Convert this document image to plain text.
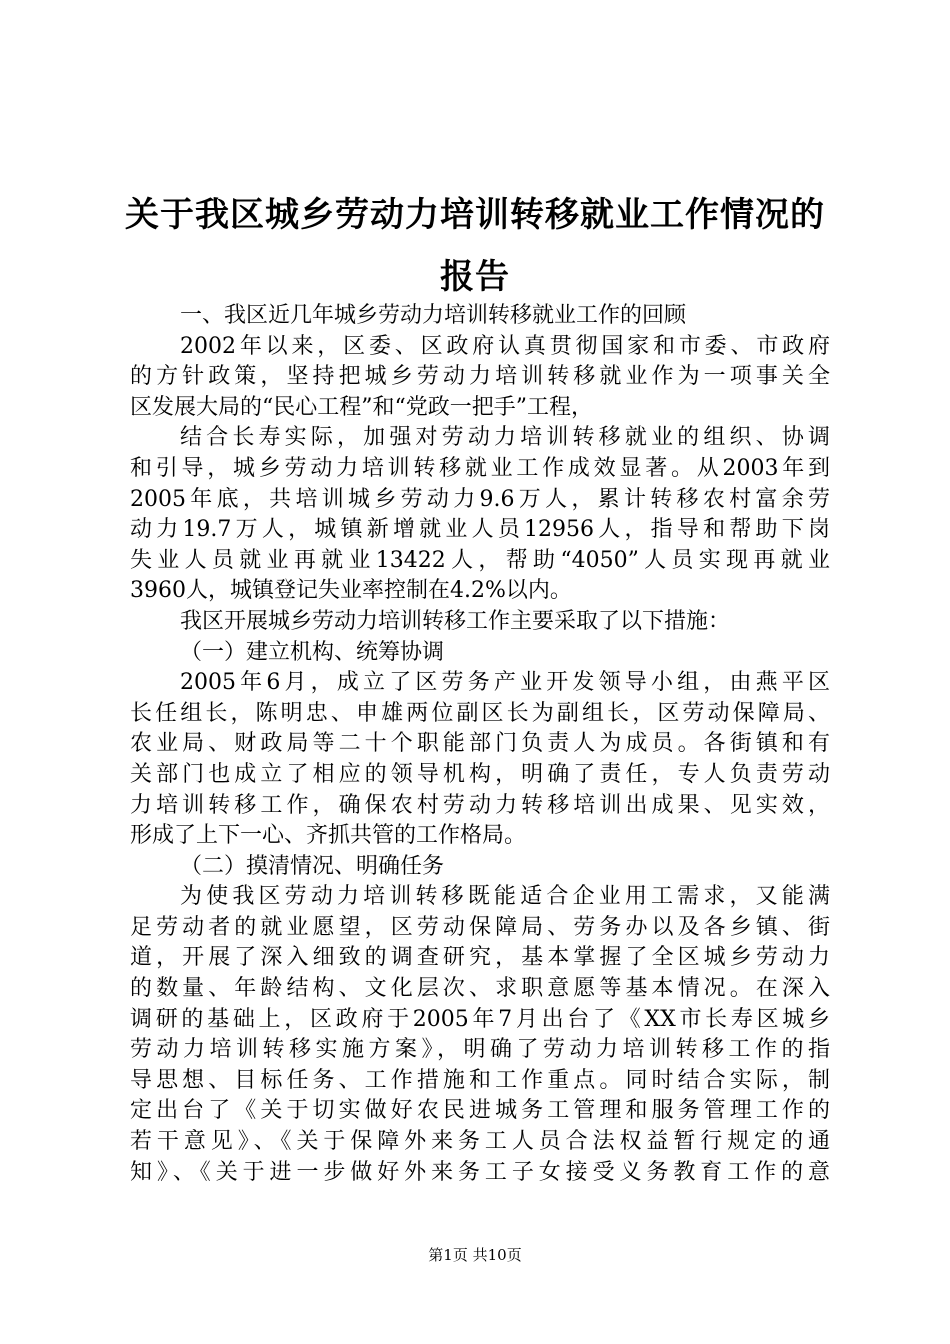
关于我区城乡劳动力培训转移就业工作情况的
报告
一、我区近几年城乡劳动力培训转移就业工作的回顾
2002年以来，区委、区政府认真贯彻国家和市委、市政府
的方针政策，坚持把城乡劳动力培训转移就业作为一项事关全
区发展大局的“民心工程”和“党政一把手”工程，
结合长寿实际，加强对劳动力培训转移就业的组织、协调
和引导，城乡劳动力培训转移就业工作成效显著。从2003年到
2005年底，共培训城乡劳动力9.6万人，累计转移农村富余劳
动力19.7万人，城镇新增就业人员12956人，指导和帮助下岗
失业人员就业再就业13422人，帮助“4050”人员实现再就业
3960人，城镇登记失业率控制在4.2%以内。
我区开展城乡劳动力培训转移工作主要采取了以下措施：
（一）建立机构、统筹协调
2005年6月，成立了区劳务产业开发领导小组，由燕平区
长任组长，陈明忠、申雄两位副区长为副组长，区劳动保障局、
农业局、财政局等二十个职能部门负责人为成员。各街镇和有
关部门也成立了相应的领导机构，明确了责任，专人负责劳动
力培训转移工作，确保农村劳动力转移培训出成果、见实效，
形成了上下一心、齐抓共管的工作格局。
（二）摸清情况、明确任务
为使我区劳动力培训转移既能适合企业用工需求，又能满
足劳动者的就业愿望，区劳动保障局、劳务办以及各乡镇、街
道，开展了深入细致的调查研究，基本掌握了全区城乡劳动力
的数量、年龄结构、文化层次、求职意愿等基本情况。在深入
调研的基础上，区政府于2005年7月出台了《XX市长寿区城乡
劳动力培训转移实施方案》，明确了劳动力培训转移工作的指
导思想、目标任务、工作措施和工作重点。同时结合实际，制
定出台了《关于切实做好农民进城务工管理和服务管理工作的
若干意见》、《关于保障外来务工人员合法权益暂行规定的通
知》、《关于进一步做好外来务工子女接受义务教育工作的意
第1页 共10页
